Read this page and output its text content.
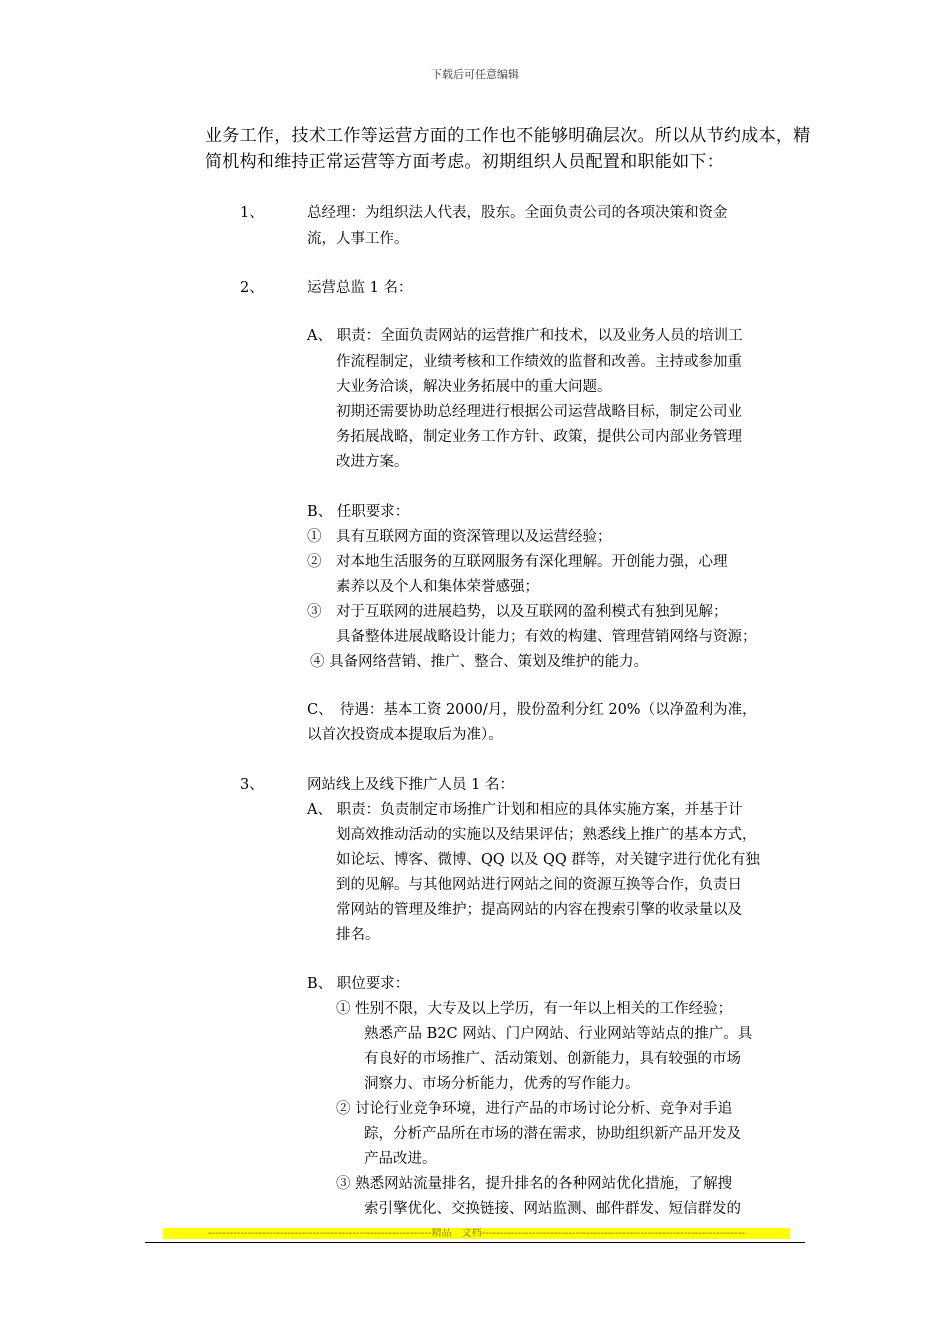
下载后可任意编辑
业务工作，技术工作等运营方面的工作也不能够明确层次。所以从节约成本，精简机构和维持正常运营等方面考虑。初期组织人员配置和职能如下：
1、	总经理：为组织法人代表，股东。全面负责公司的各项决策和资金
流，人事工作。
2、	运营总监 1 名：
A、 职责：全面负责网站的运营推广和技术，以及业务人员的培训工
作流程制定，业绩考核和工作绩效的监督和改善。主持或参加重
大业务洽谈，解决业务拓展中的重大问题。
初期还需要协助总经理进行根据公司运营战略目标，制定公司业
务拓展战略，制定业务工作方针、政策，提供公司内部业务管理
改进方案。
B、 任职要求：
①　具有互联网方面的资深管理以及运营经验；
②　对本地生活服务的互联网服务有深化理解。开创能力强，心理
素养以及个人和集体荣誉感强；
③　对于互联网的进展趋势，以及互联网的盈利模式有独到见解；
具备整体进展战略设计能力；有效的构建、管理营销网络与资源；
④ 具备网络营销、推广、整合、策划及维护的能力。
C、　待遇：基本工资 2000/月，股份盈利分红 20%（以净盈利为准，
以首次投资成本提取后为准）。
3、	网站线上及线下推广人员 1 名：
A、 职责：负责制定市场推广计划和相应的具体实施方案，并基于计
划高效推动活动的实施以及结果评估；熟悉线上推广的基本方式，
如论坛、博客、微博、QQ 以及 QQ 群等，对关键字进行优化有独
到的见解。与其他网站进行网站之间的资源互换等合作，负责日
常网站的管理及维护；提高网站的内容在搜索引擎的收录量以及
排名。
B、 职位要求：
① 性别不限，大专及以上学历，有一年以上相关的工作经验；
熟悉产品 B2C 网站、门户网站、行业网站等站点的推广。具
有良好的市场推广、活动策划、创新能力，具有较强的市场
洞察力、市场分析能力，优秀的写作能力。
② 讨论行业竞争环境，进行产品的市场讨论分析、竞争对手追
踪，分析产品所在市场的潜在需求，协助组织新产品开发及
产品改进。
③ 熟悉网站流量排名，提升排名的各种网站优化措施，了解搜
索引擎优化、交换链接、网站监测、邮件群发、短信群发的
--------------------------------------------------------------精品　文档-------------------------------------------------------------------------
